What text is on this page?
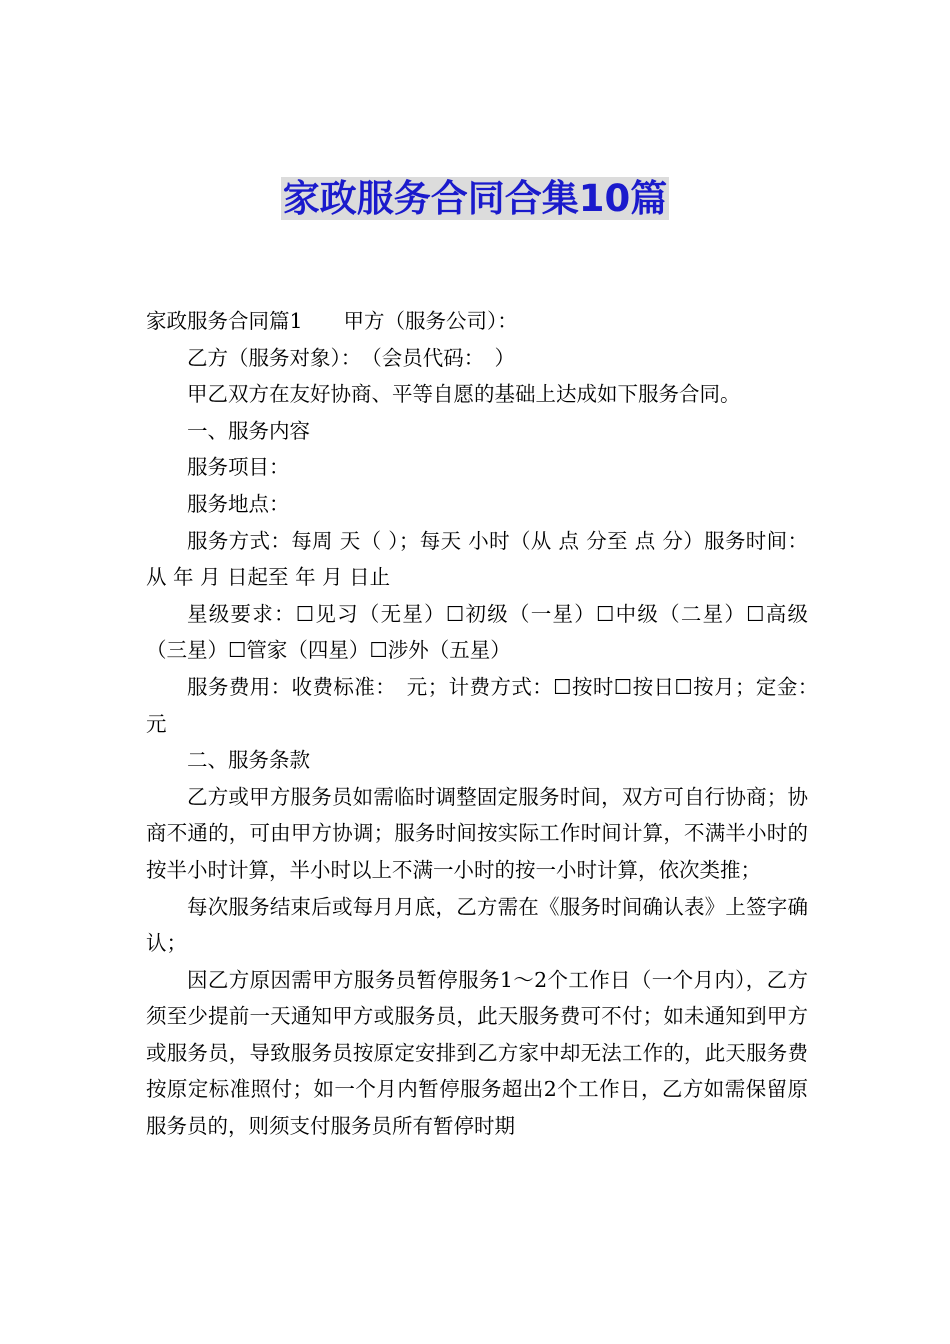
家政服务合同合集10篇

家政服务合同篇1　　甲方（服务公司）：

乙方（服务对象）：　（会员代码：　）

甲乙双方在友好协商、平等自愿的基础上达成如下服务合同。

一、服务内容

服务项目：

服务地点：

服务方式：每周 天（ ）；每天 小时（从 点 分至 点 分）服务时间：从 年 月 日起至 年 月 日止

星级要求：☐见习（无星）☐初级（一星）☐中级（二星）☐高级（三星）☐管家（四星）☐涉外（五星）

服务费用：收费标准：　元；计费方式：☐按时☐按日☐按月；定金：　元

二、服务条款

乙方或甲方服务员如需临时调整固定服务时间，双方可自行协商；协商不通的，可由甲方协调；服务时间按实际工作时间计算，不满半小时的按半小时计算，半小时以上不满一小时的按一小时计算，依次类推；

每次服务结束后或每月月底，乙方需在《服务时间确认表》上签字确认；

因乙方原因需甲方服务员暂停服务1～2个工作日（一个月内），乙方须至少提前一天通知甲方或服务员，此天服务费可不付；如未通知到甲方或服务员，导致服务员按原定安排到乙方家中却无法工作的，此天服务费按原定标准照付；如一个月内暂停服务超出2个工作日，乙方如需保留原服务员的，则须支付服务员所有暂停时期
